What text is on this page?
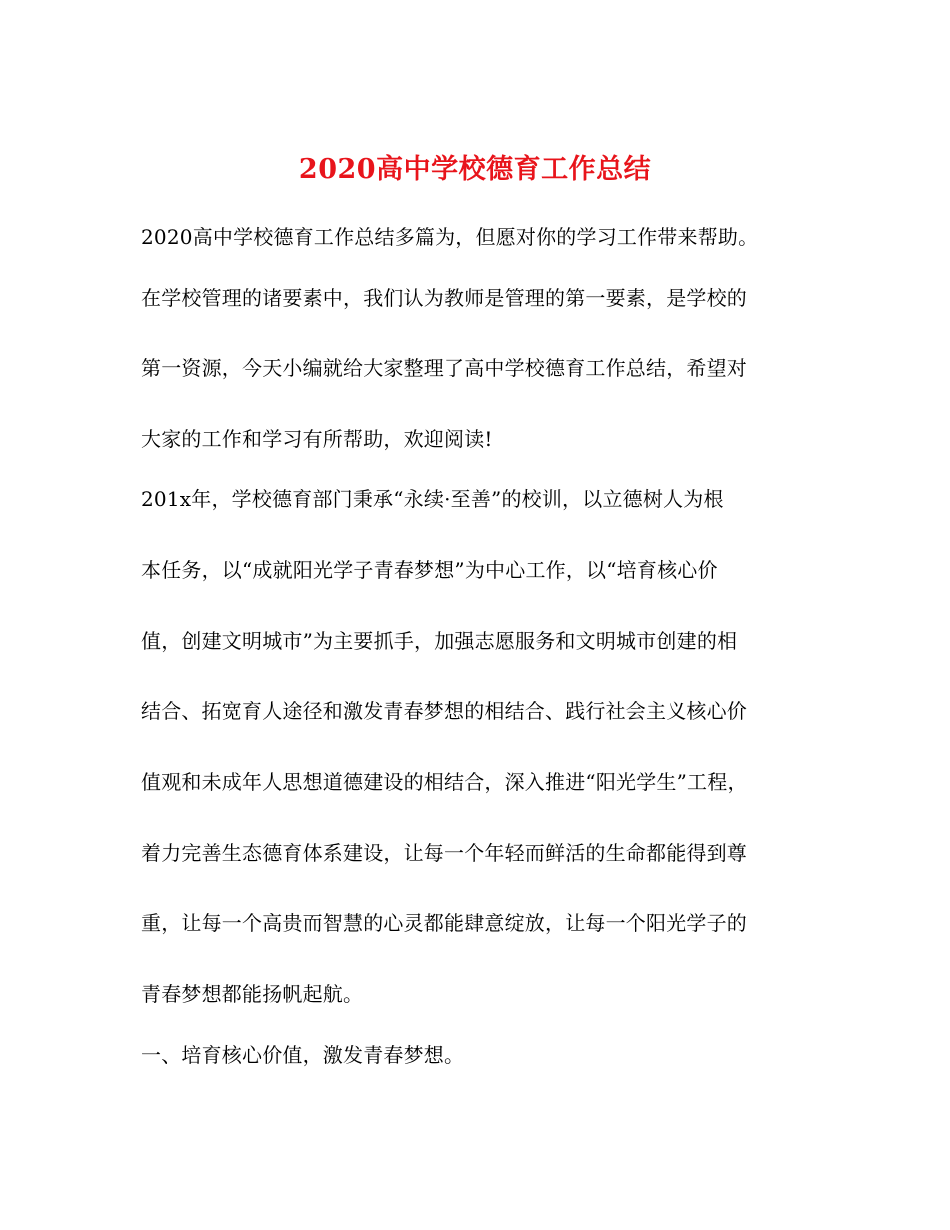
2020高中学校德育工作总结
2020高中学校德育工作总结多篇为，但愿对你的学习工作带来帮助。
在学校管理的诸要素中，我们认为教师是管理的第一要素，是学校的
第一资源，今天小编就给大家整理了高中学校德育工作总结，希望对
大家的工作和学习有所帮助，欢迎阅读!
201x年，学校德育部门秉承“永续·至善”的校训，以立德树人为根
本任务，以“成就阳光学子青春梦想”为中心工作，以“培育核心价
值，创建文明城市”为主要抓手，加强志愿服务和文明城市创建的相
结合、拓宽育人途径和激发青春梦想的相结合、践行社会主义核心价
值观和未成年人思想道德建设的相结合，深入推进“阳光学生”工程，
着力完善生态德育体系建设，让每一个年轻而鲜活的生命都能得到尊
重，让每一个高贵而智慧的心灵都能肆意绽放，让每一个阳光学子的
青春梦想都能扬帆起航。
一、培育核心价值，激发青春梦想。
